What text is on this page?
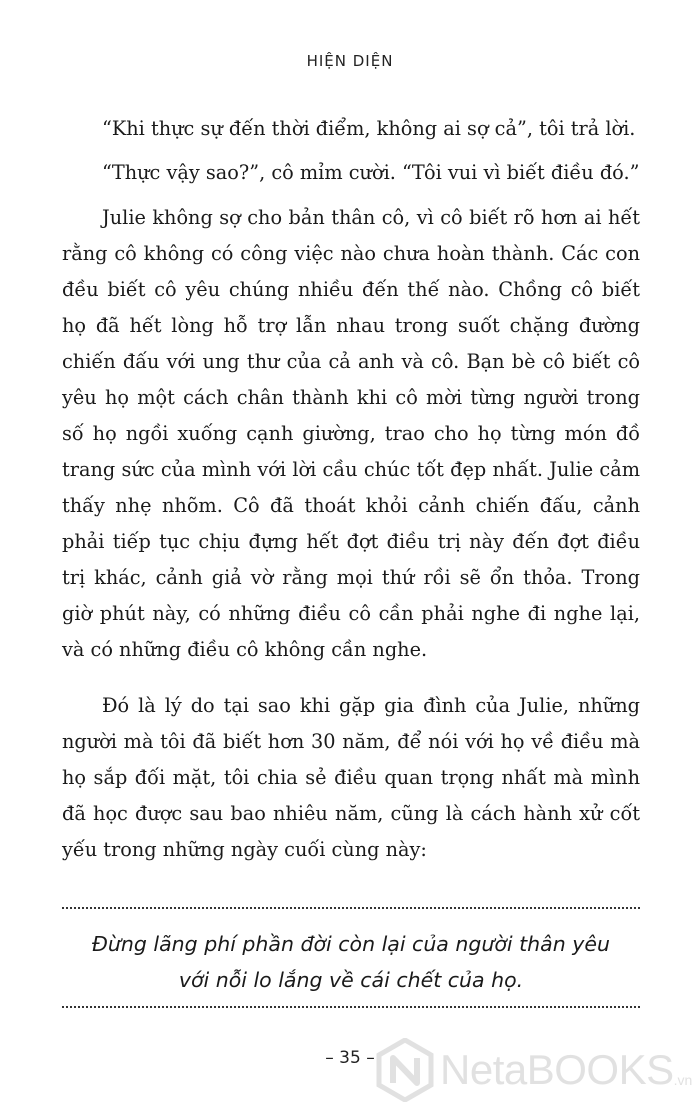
HIỆN DIỆN

“Khi thực sự đến thời điểm, không ai sợ cả”, tôi trả lời.

“Thực vậy sao?”, cô mỉm cười. “Tôi vui vì biết điều đó.”

Julie không sợ cho bản thân cô, vì cô biết rõ hơn ai hết rằng cô không có công việc nào chưa hoàn thành. Các con đều biết cô yêu chúng nhiều đến thế nào. Chồng cô biết họ đã hết lòng hỗ trợ lẫn nhau trong suốt chặng đường chiến đấu với ung thư của cả anh và cô. Bạn bè cô biết cô yêu họ một cách chân thành khi cô mời từng người trong số họ ngồi xuống cạnh giường, trao cho họ từng món đồ trang sức của mình với lời cầu chúc tốt đẹp nhất. Julie cảm thấy nhẹ nhõm. Cô đã thoát khỏi cảnh chiến đấu, cảnh phải tiếp tục chịu đựng hết đợt điều trị này đến đợt điều trị khác, cảnh giả vờ rằng mọi thứ rồi sẽ ổn thỏa. Trong giờ phút này, có những điều cô cần phải nghe đi nghe lại, và có những điều cô không cần nghe.

Đó là lý do tại sao khi gặp gia đình của Julie, những người mà tôi đã biết hơn 30 năm, để nói với họ về điều mà họ sắp đối mặt, tôi chia sẻ điều quan trọng nhất mà mình đã học được sau bao nhiêu năm, cũng là cách hành xử cốt yếu trong những ngày cuối cùng này:

Đừng lãng phí phần đời còn lại của người thân yêu
với nỗi lo lắng về cái chết của họ.
– 35 –	NetaBOOKS .vn
